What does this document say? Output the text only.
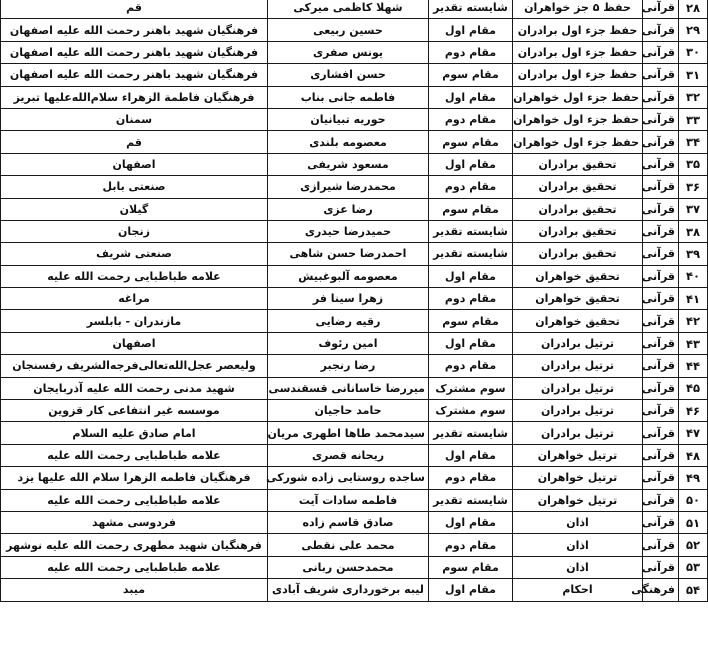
۲۸	قرآنی	حفظ ۵ جز خواهران	شایسته تقدیر	شهلا کاظمی میرکی	قم
۲۹	قرآنی	حفظ جزء اول برادران	مقام اول	حسین ربیعی	فرهنگیان شهید باهنر رحمت الله علیه اصفهان
۳۰	قرآنی	حفظ جزء اول برادران	مقام دوم	یونس صفری	فرهنگیان شهید باهنر رحمت الله علیه اصفهان
۳۱	قرآنی	حفظ جزء اول برادران	مقام سوم	حسن افشاری	فرهنگیان شهید باهنر رحمت الله علیه اصفهان
۳۲	قرآنی	حفظ جزء اول خواهران	مقام اول	فاطمه جانی بناب	فرهنگیان فاطمة الزهراء سلام‌الله‌علیها تبریز
۳۳	قرآنی	حفظ جزء اول خواهران	مقام دوم	حوریه تبیانیان	سمنان
۳۴	قرآنی	حفظ جزء اول خواهران	مقام سوم	معصومه بلندی	قم
۳۵	قرآنی	تحقیق برادران	مقام اول	مسعود شریفی	اصفهان
۳۶	قرآنی	تحقیق برادران	مقام دوم	محمدرضا شیرازی	صنعتی بابل
۳۷	قرآنی	تحقیق برادران	مقام سوم	رضا عزی	گیلان
۳۸	قرآنی	تحقیق برادران	شایسته تقدیر	حمیدرضا حیدری	زنجان
۳۹	قرآنی	تحقیق برادران	شایسته تقدیر	احمدرضا حسن شاهی	صنعتی شریف
۴۰	قرآنی	تحقیق خواهران	مقام اول	معصومه آلبوغبیش	علامه طباطبایی رحمت الله علیه
۴۱	قرآنی	تحقیق خواهران	مقام دوم	زهرا سینا فر	مراغه
۴۲	قرآنی	تحقیق خواهران	مقام سوم	رقیه رضایی	مازندران - بابلسر
۴۳	قرآنی	ترتیل برادران	مقام اول	امین رئوف	اصفهان
۴۴	قرآنی	ترتیل برادران	مقام دوم	رضا رنجبر	ولیعصر عجل‌الله‌تعالی‌فرجه‌الشریف رفسنجان
۴۵	قرآنی	ترتیل برادران	سوم مشترک	میررضا خاسانانی قسقندسی	شهید مدنی رحمت الله علیه آذربایجان
۴۶	قرآنی	ترتیل برادران	سوم مشترک	حامد حاجیان	موسسه غیر انتفاعی کار قزوین
۴۷	قرآنی	ترتیل برادران	شایسته تقدیر	سیدمحمد طاها اطهری مریان	امام صادق علیه السلام
۴۸	قرآنی	ترتیل خواهران	مقام اول	ریحانه قصری	علامه طباطبایی رحمت الله علیه
۴۹	قرآنی	ترتیل خواهران	مقام دوم	ساجده روستایی زاده شورکی	فرهنگیان فاطمه الزهرا سلام الله علیها یزد
۵۰	قرآنی	ترتیل خواهران	شایسته تقدیر	فاطمه سادات آیت	علامه طباطبایی رحمت الله علیه
۵۱	قرآنی	اذان	مقام اول	صادق قاسم زاده	فردوسی مشهد
۵۲	قرآنی	اذان	مقام دوم	محمد علی نقطی	فرهنگیان شهید مطهری رحمت الله علیه نوشهر
۵۳	قرآنی	اذان	مقام سوم	محمدحسن ربانی	علامه طباطبایی رحمت الله علیه
۵۴	فرهنگی	احکام	مقام اول	لیبه برخورداری شریف آبادی	میبد
